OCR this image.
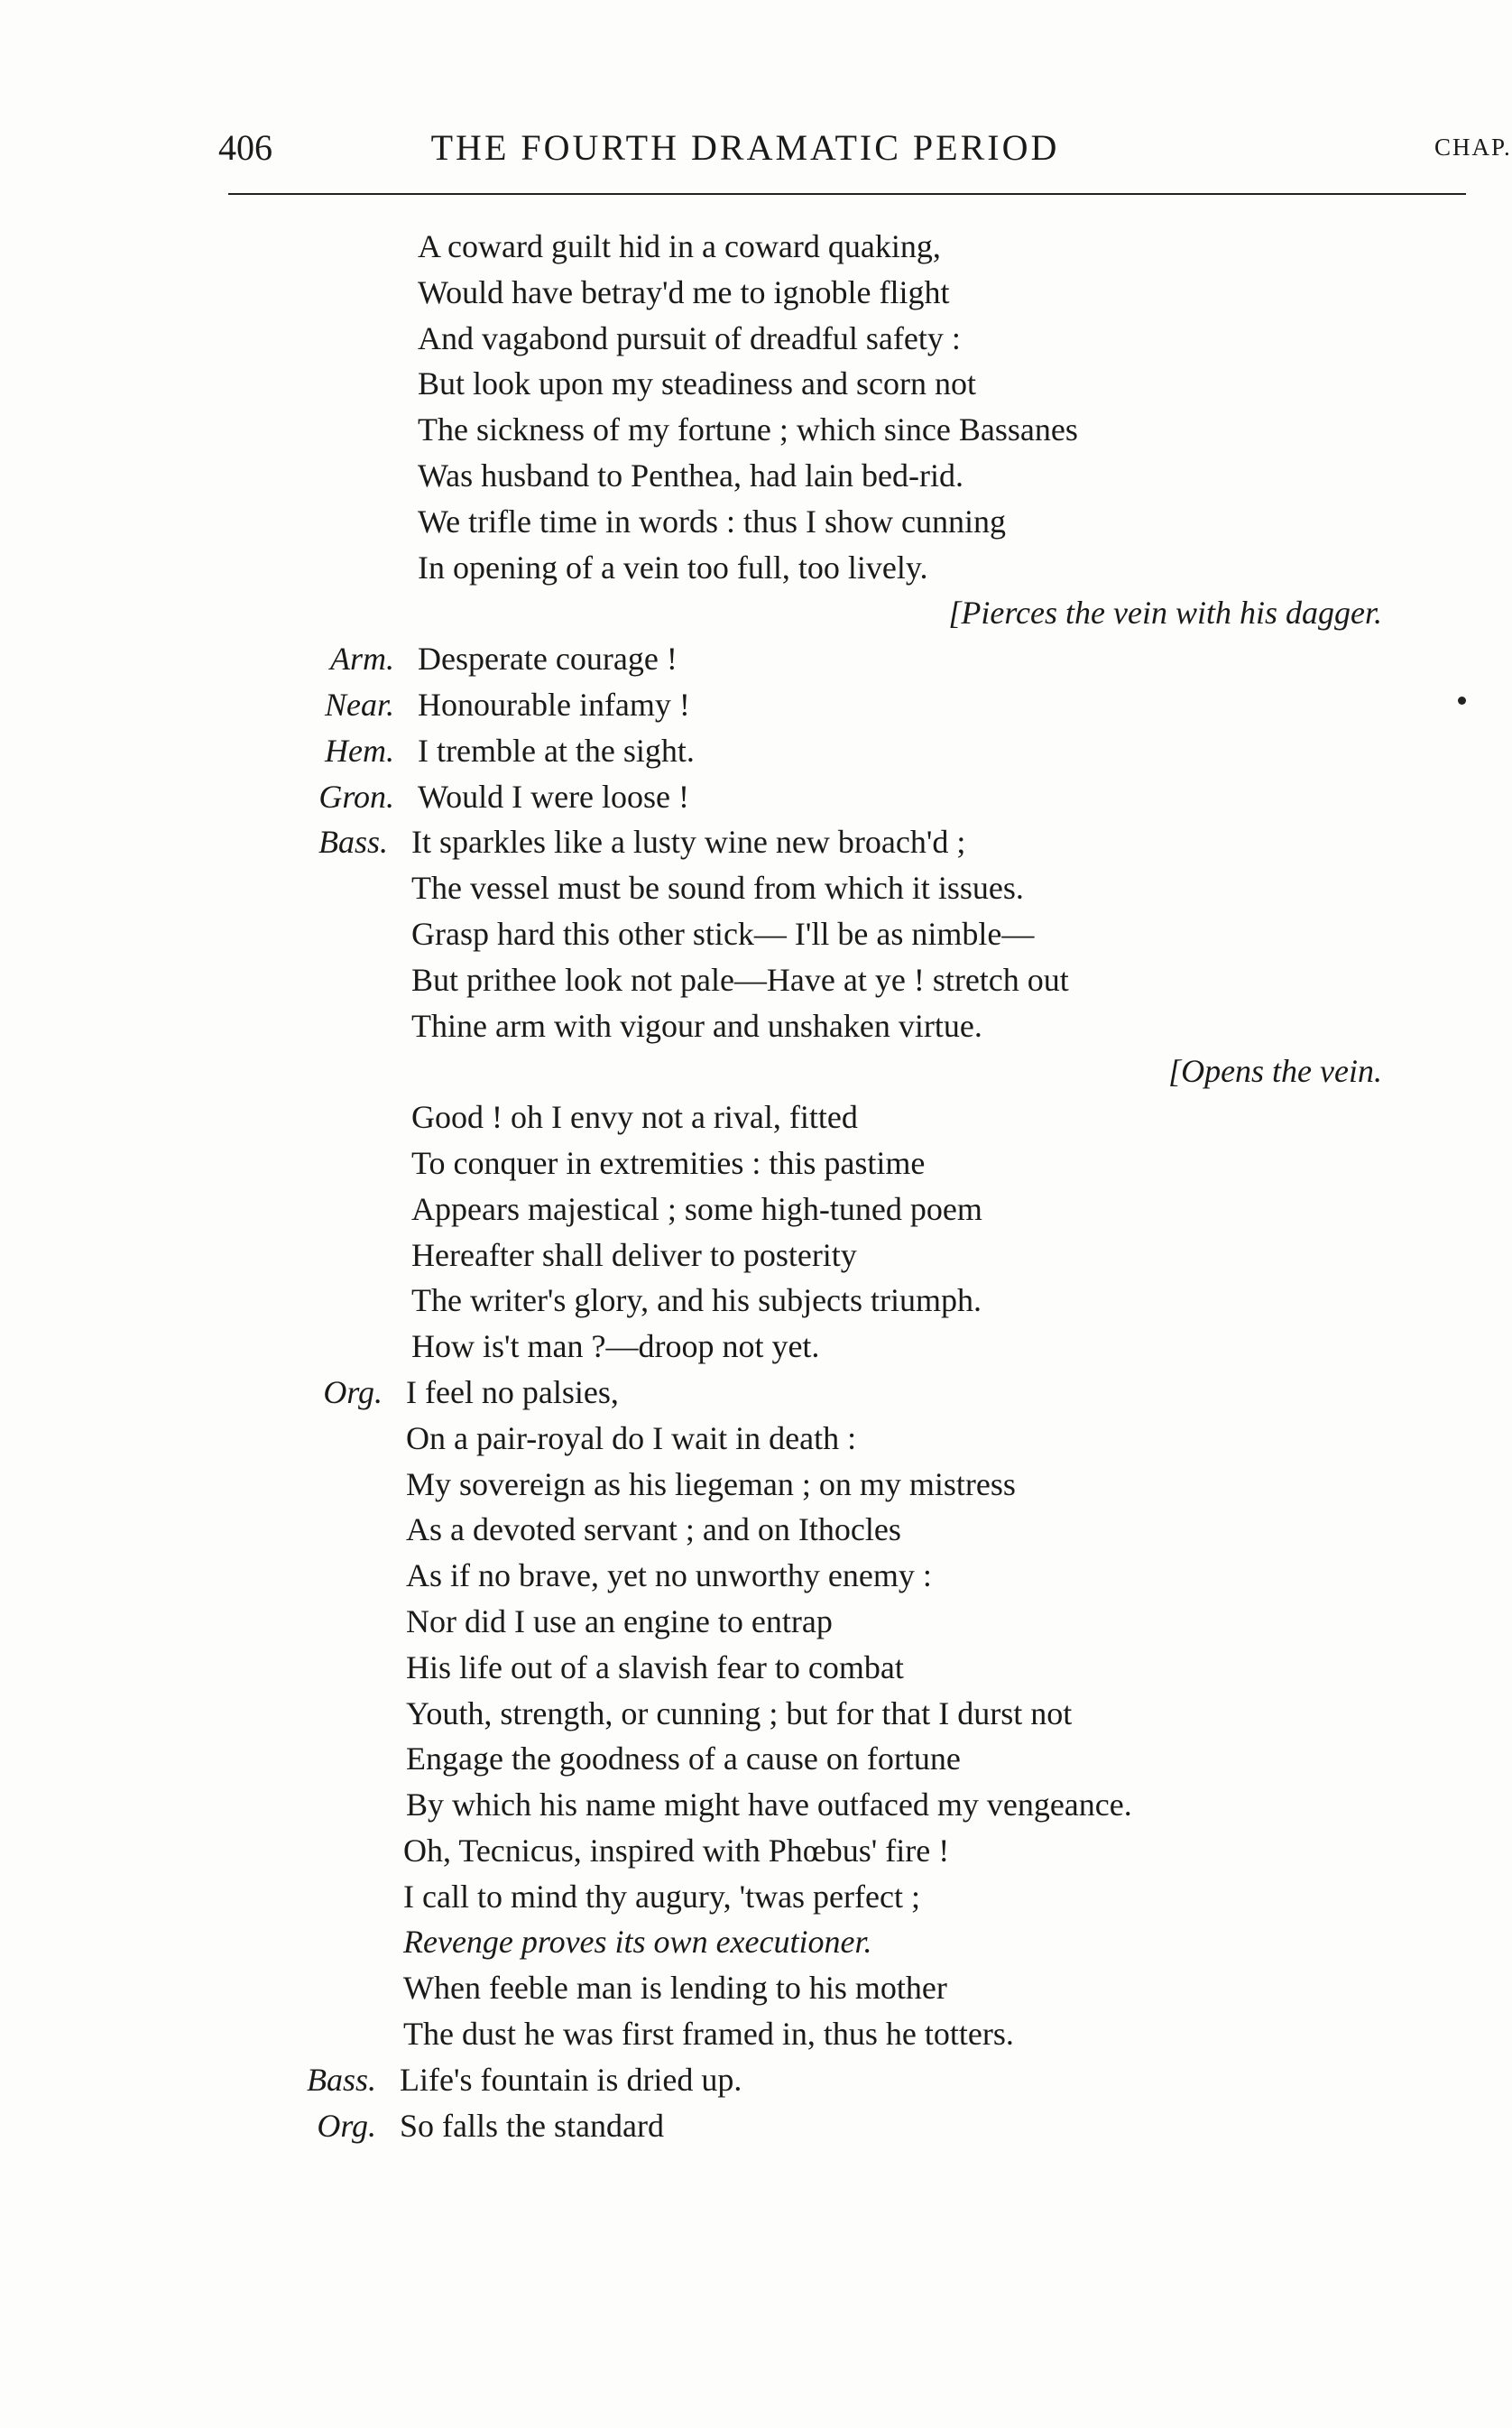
406	THE FOURTH DRAMATIC PERIOD	CHAP.
A coward guilt hid in a coward quaking,
Would have betray'd me to ignoble flight
And vagabond pursuit of dreadful safety :
But look upon my steadiness and scorn not
The sickness of my fortune ; which since Bassanes
Was husband to Penthea, had lain bed-rid.
We trifle time in words : thus I show cunning
In opening of a vein too full, too lively.
[Pierces the vein with his dagger.
Arm. Desperate courage !
Near. Honourable infamy !
Hem. I tremble at the sight.
Gron. Would I were loose !
Bass. It sparkles like a lusty wine new broach'd ;
The vessel must be sound from which it issues.
Grasp hard this other stick— I'll be as nimble—
But prithee look not pale—Have at ye ! stretch out
Thine arm with vigour and unshaken virtue.
[Opens the vein.
Good ! oh I envy not a rival, fitted
To conquer in extremities : this pastime
Appears majestical ; some high-tuned poem
Hereafter shall deliver to posterity
The writer's glory, and his subjects triumph.
How is't man ?—droop not yet.
Org. I feel no palsies,
On a pair-royal do I wait in death :
My sovereign as his liegeman ; on my mistress
As a devoted servant ; and on Ithocles
As if no brave, yet no unworthy enemy :
Nor did I use an engine to entrap
His life out of a slavish fear to combat
Youth, strength, or cunning ; but for that I durst not
Engage the goodness of a cause on fortune
By which his name might have outfaced my vengeance.
Oh, Tecnicus, inspired with Phœbus' fire !
I call to mind thy augury, 'twas perfect ;
Revenge proves its own executioner.
When feeble man is lending to his mother
The dust he was first framed in, thus he totters.
Bass. Life's fountain is dried up.
Org. So falls the standard
